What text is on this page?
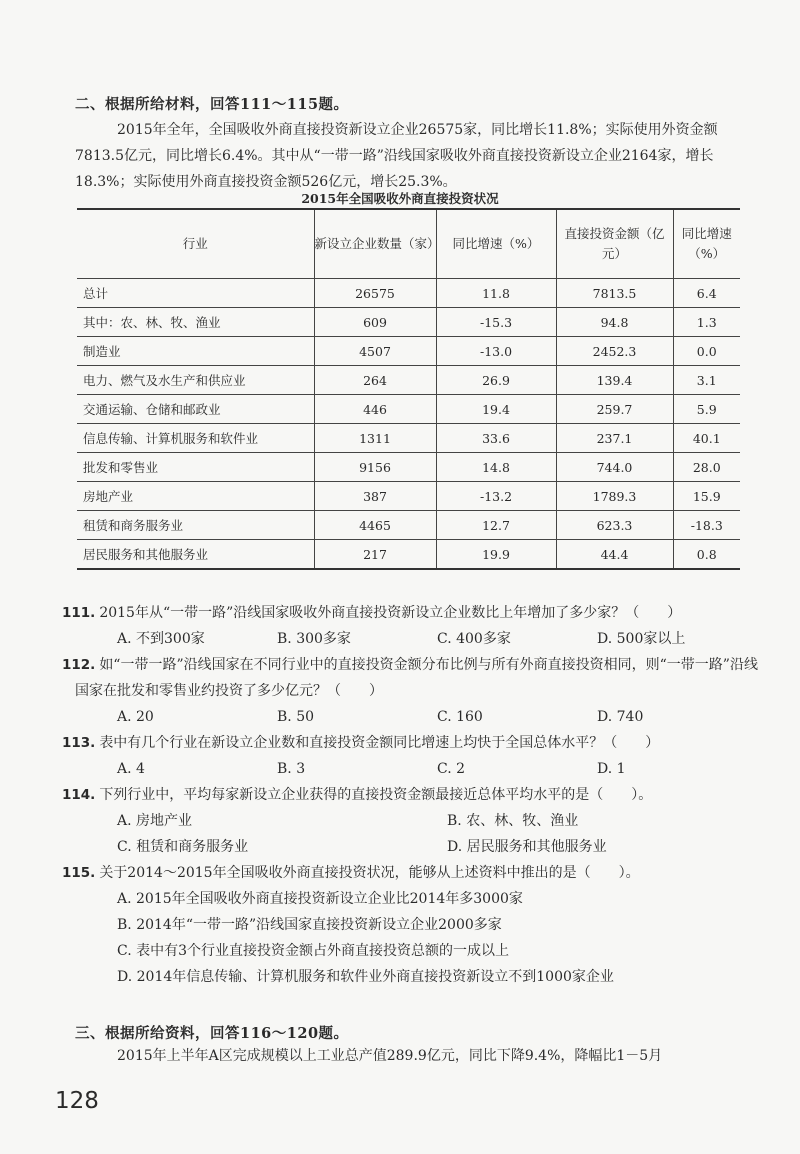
二、根据所给材料，回答111～115题。
2015年全年，全国吸收外商直接投资新设立企业26575家，同比增长11.8%；实际使用外资金额7813.5亿元，同比增长6.4%。其中从“一带一路”沿线国家吸收外商直接投资新设立企业2164家，增长18.3%；实际使用外商直接投资金额526亿元，增长25.3%。
2015年全国吸收外商直接投资状况
行业	新设立企业数量（家）	同比增速（%）	直接投资金额（亿元）	同比增速（%）
总计	26575	11.8	7813.5	6.4
其中：农、林、牧、渔业	609	-15.3	94.8	1.3
制造业	4507	-13.0	2452.3	0.0
电力、燃气及水生产和供应业	264	26.9	139.4	3.1
交通运输、仓储和邮政业	446	19.4	259.7	5.9
信息传输、计算机服务和软件业	1311	33.6	237.1	40.1
批发和零售业	9156	14.8	744.0	28.0
房地产业	387	-13.2	1789.3	15.9
租赁和商务服务业	4465	12.7	623.3	-18.3
居民服务和其他服务业	217	19.9	44.4	0.8
111. 2015年从“一带一路”沿线国家吸收外商直接投资新设立企业数比上年增加了多少家？（　　）
A. 不到300家	B. 300多家	C. 400多家	D. 500家以上
112. 如“一带一路”沿线国家在不同行业中的直接投资金额分布比例与所有外商直接投资相同，则“一带一路”沿线国家在批发和零售业约投资了多少亿元？（　　）
A. 20	B. 50	C. 160	D. 740
113. 表中有几个行业在新设立企业数和直接投资金额同比增速上均快于全国总体水平？（　　）
A. 4	B. 3	C. 2	D. 1
114. 下列行业中，平均每家新设立企业获得的直接投资金额最接近总体平均水平的是（　　）。
A. 房地产业	B. 农、林、牧、渔业
C. 租赁和商务服务业	D. 居民服务和其他服务业
115. 关于2014～2015年全国吸收外商直接投资状况，能够从上述资料中推出的是（　　）。
A. 2015年全国吸收外商直接投资新设立企业比2014年多3000家
B. 2014年“一带一路”沿线国家直接投资新设立企业2000多家
C. 表中有3个行业直接投资金额占外商直接投资总额的一成以上
D. 2014年信息传输、计算机服务和软件业外商直接投资新设立不到1000家企业
三、根据所给资料，回答116～120题。
2015年上半年A区完成规模以上工业总产值289.9亿元，同比下降9.4%，降幅比1－5月
128
